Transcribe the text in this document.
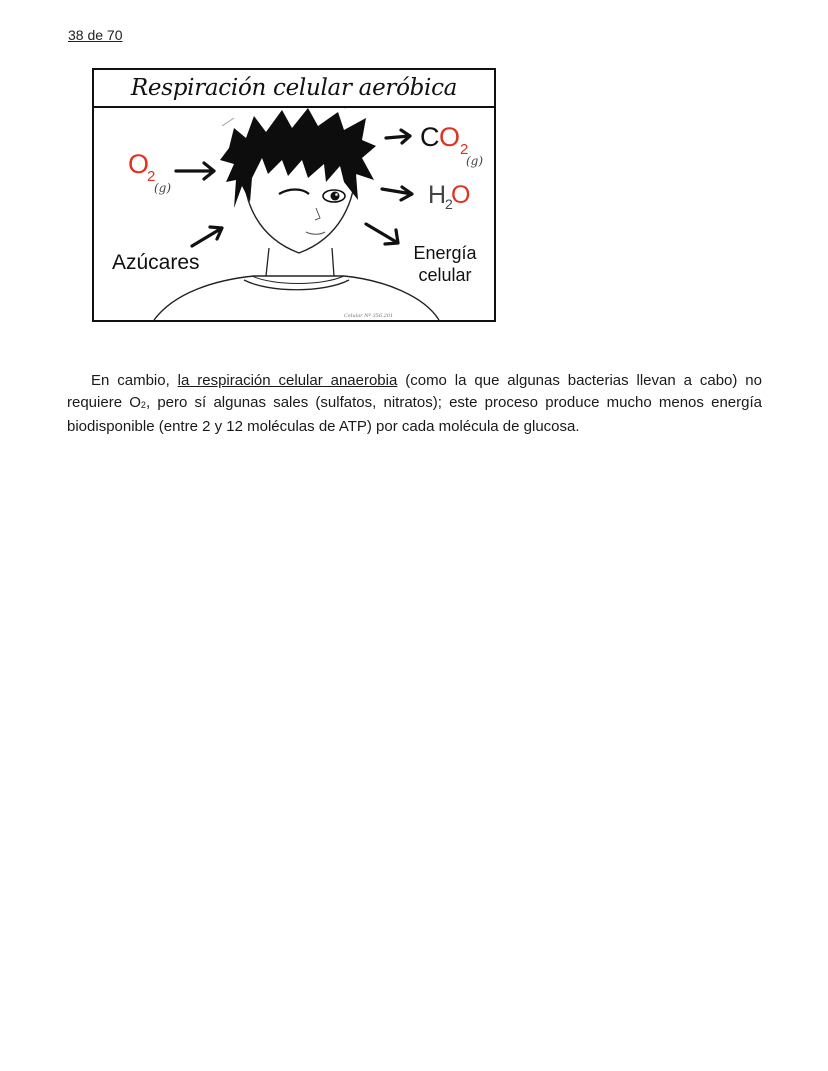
38 de 70
Respiración celular aeróbica
O
2
(g)
C O 2
(g)
H
2
O
Azúcares	Energía
celular
Celular Nº 356.201

En cambio, la respiración celular anaerobia (como la que algunas bacterias llevan a cabo) no requiere $O_2$, pero sí algunas sales (sulfatos, nitratos); este proceso produce mucho menos energía biodisponible (entre 2 y 12 moléculas de ATP) por cada molécula de glucosa.
